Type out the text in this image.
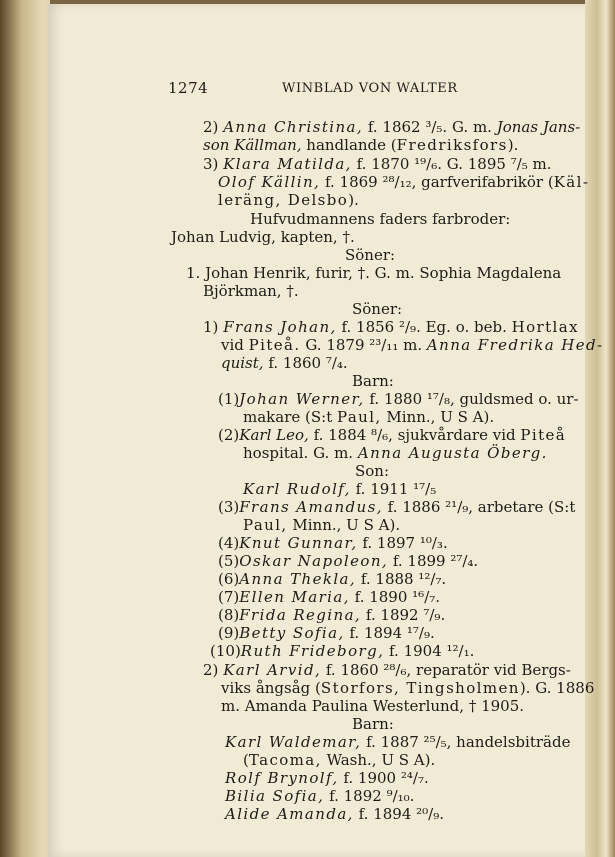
1274	WINBLAD VON WALTER
2) Anna Christina, f. 1862 ³/₅. G. m. Jonas Jans-
son Källman, handlande (Fredriksfors).
3) Klara Matilda, f. 1870 ¹⁹/₆. G. 1895 ⁷/₅ m.
Olof Källin, f. 1869 ²⁸/₁₂, garfverifabrikör (Käl-
leräng, Delsbo).
Hufvudmannens faders farbroder:
Johan Ludvig, kapten, †.
Söner:
1. Johan Henrik, furir, †. G. m. Sophia Magdalena
Björkman, †.
Söner:
1) Frans Johan, f. 1856 ²/₉. Eg. o. beb. Hortlax
vid Piteå. G. 1879 ²³/₁₁ m. Anna Fredrika Hed-
quist, f. 1860 ⁷/₄.
Barn:
(1)Johan Werner, f. 1880 ¹⁷/₈, guldsmed o. ur-
makare (S:t Paul, Minn., U S A).
(2)Karl Leo, f. 1884 ⁸/₆, sjukvårdare vid Piteå
hospital. G. m. Anna Augusta Öberg.
Son:
Karl Rudolf, f. 1911 ¹⁷/₅
(3)Frans Amandus, f. 1886 ²¹/₉, arbetare (S:t
Paul, Minn., U S A).
(4)Knut Gunnar, f. 1897 ¹⁰/₃.
(5)Oskar Napoleon, f. 1899 ²⁷/₄.
(6)Anna Thekla, f. 1888 ¹²/₇.
(7)Ellen Maria, f. 1890 ¹⁶/₇.
(8)Frida Regina, f. 1892 ⁷/₉.
(9)Betty Sofia, f. 1894 ¹⁷/₉.
(10)Ruth Frideborg, f. 1904 ¹²/₁.
2) Karl Arvid, f. 1860 ²⁸/₆, reparatör vid Bergs-
viks ångsåg (Storfors, Tingsholmen). G. 1886
m. Amanda Paulina Westerlund, † 1905.
Barn:
Karl Waldemar, f. 1887 ²⁵/₅, handelsbiträde
(Tacoma, Wash., U S A).
Rolf Brynolf, f. 1900 ²⁴/₇.
Bilia Sofia, f. 1892 ⁹/₁₀.
Alide Amanda, f. 1894 ²⁰/₉.
